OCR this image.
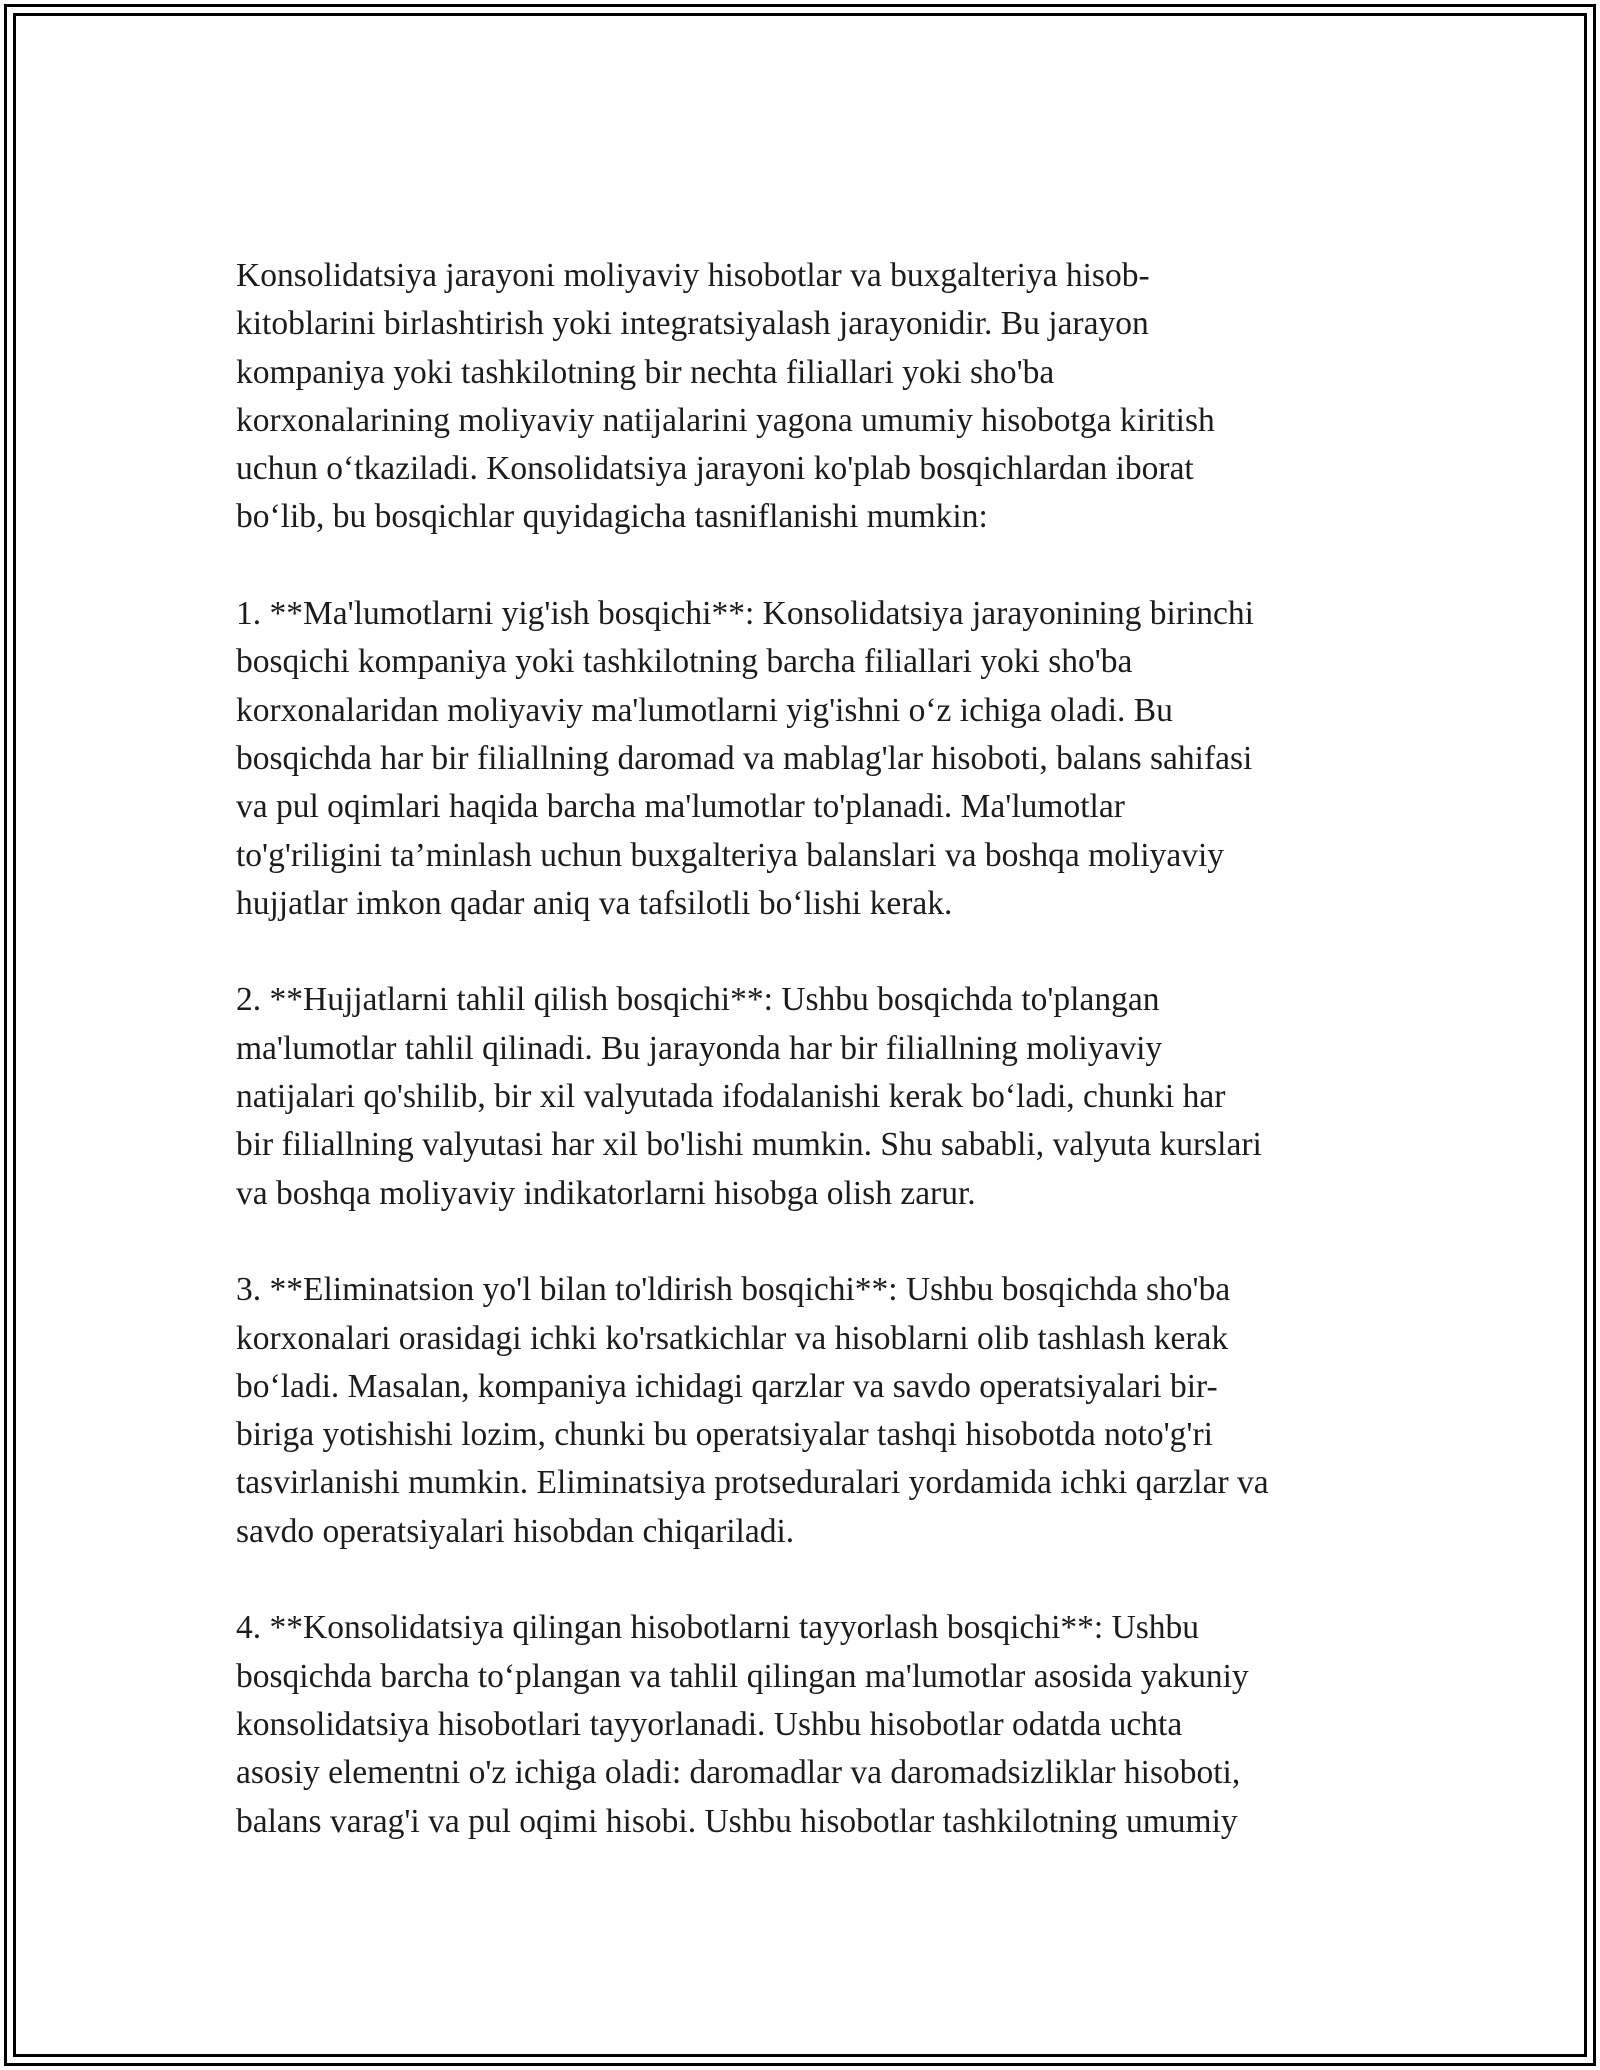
Konsolidatsiya jarayoni moliyaviy hisobotlar va buxgalteriya hisob-
kitoblarini birlashtirish yoki integratsiyalash jarayonidir. Bu jarayon
kompaniya yoki tashkilotning bir nechta filiallari yoki sho'ba
korxonalarining moliyaviy natijalarini yagona umumiy hisobotga kiritish
uchun oʻtkaziladi. Konsolidatsiya jarayoni ko'plab bosqichlardan iborat
boʻlib, bu bosqichlar quyidagicha tasniflanishi mumkin:

1. **Ma'lumotlarni yig'ish bosqichi**: Konsolidatsiya jarayonining birinchi
bosqichi kompaniya yoki tashkilotning barcha filiallari yoki sho'ba
korxonalaridan moliyaviy ma'lumotlarni yig'ishni oʻz ichiga oladi. Bu
bosqichda har bir filiallning daromad va mablag'lar hisoboti, balans sahifasi
va pul oqimlari haqida barcha ma'lumotlar to'planadi. Ma'lumotlar
to'g'riligini ta’minlash uchun buxgalteriya balanslari va boshqa moliyaviy
hujjatlar imkon qadar aniq va tafsilotli boʻlishi kerak.

2. **Hujjatlarni tahlil qilish bosqichi**: Ushbu bosqichda to'plangan
ma'lumotlar tahlil qilinadi. Bu jarayonda har bir filiallning moliyaviy
natijalari qo'shilib, bir xil valyutada ifodalanishi kerak boʻladi, chunki har
bir filiallning valyutasi har xil bo'lishi mumkin. Shu sababli, valyuta kurslari
va boshqa moliyaviy indikatorlarni hisobga olish zarur.

3. **Eliminatsion yo'l bilan to'ldirish bosqichi**: Ushbu bosqichda sho'ba
korxonalari orasidagi ichki ko'rsatkichlar va hisoblarni olib tashlash kerak
boʻladi. Masalan, kompaniya ichidagi qarzlar va savdo operatsiyalari bir-
biriga yotishishi lozim, chunki bu operatsiyalar tashqi hisobotda noto'g'ri
tasvirlanishi mumkin. Eliminatsiya protseduralari yordamida ichki qarzlar va
savdo operatsiyalari hisobdan chiqariladi.

4. **Konsolidatsiya qilingan hisobotlarni tayyorlash bosqichi**: Ushbu
bosqichda barcha toʻplangan va tahlil qilingan ma'lumotlar asosida yakuniy
konsolidatsiya hisobotlari tayyorlanadi. Ushbu hisobotlar odatda uchta
asosiy elementni o'z ichiga oladi: daromadlar va daromadsizliklar hisoboti,
balans varag'i va pul oqimi hisobi. Ushbu hisobotlar tashkilotning umumiy
